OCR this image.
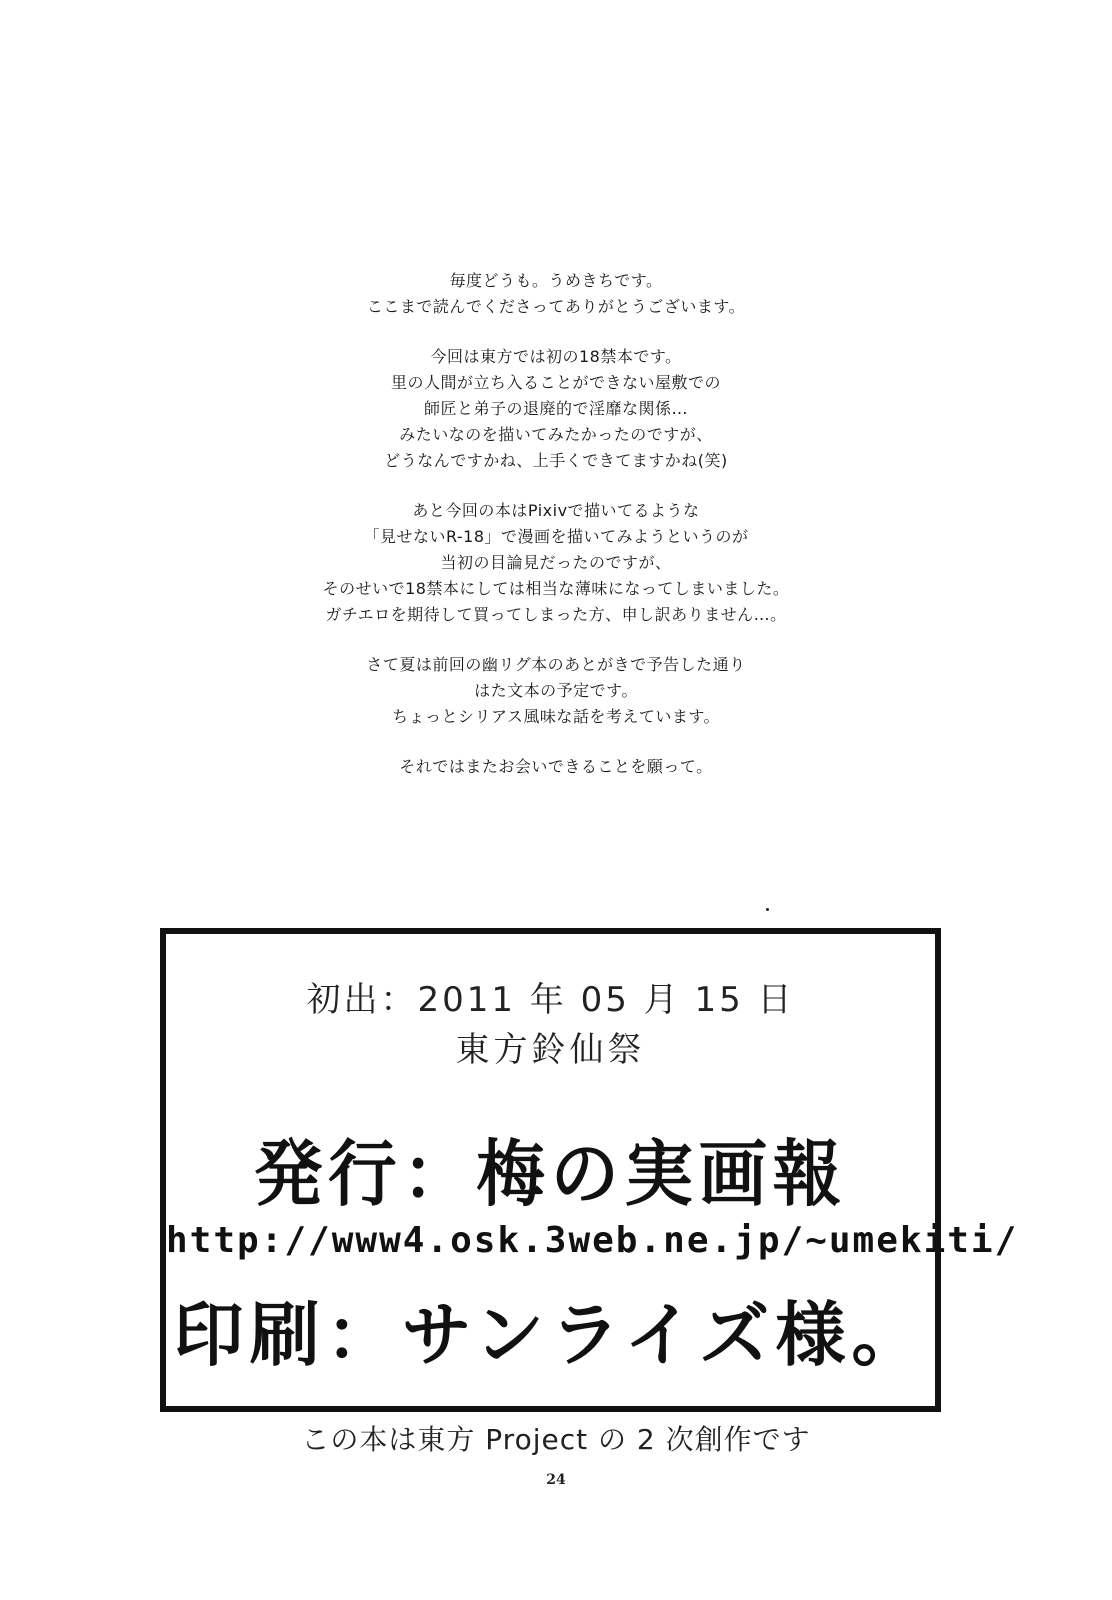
毎度どうも。うめきちです。
ここまで読んでくださってありがとうございます。
今回は東方では初の18禁本です。
里の人間が立ち入ることができない屋敷での
師匠と弟子の退廃的で淫靡な関係…
みたいなのを描いてみたかったのですが、
どうなんですかね、上手くできてますかね(笑)
あと今回の本はPixivで描いてるような
「見せないR-18」で漫画を描いてみようというのが
当初の目論見だったのですが、
そのせいで18禁本にしては相当な薄味になってしまいました。
ガチエロを期待して買ってしまった方、申し訳ありません…。
さて夏は前回の幽リグ本のあとがきで予告した通り
はた文本の予定です。
ちょっとシリアス風味な話を考えています。
それではまたお会いできることを願って。
初出：2011 年 05 月 15 日
東方鈴仙祭
発行：梅の実画報
http://www4.osk.3web.ne.jp/~umekiti/
印刷：サンライズ様。
この本は東方 Project の 2 次創作です
24
